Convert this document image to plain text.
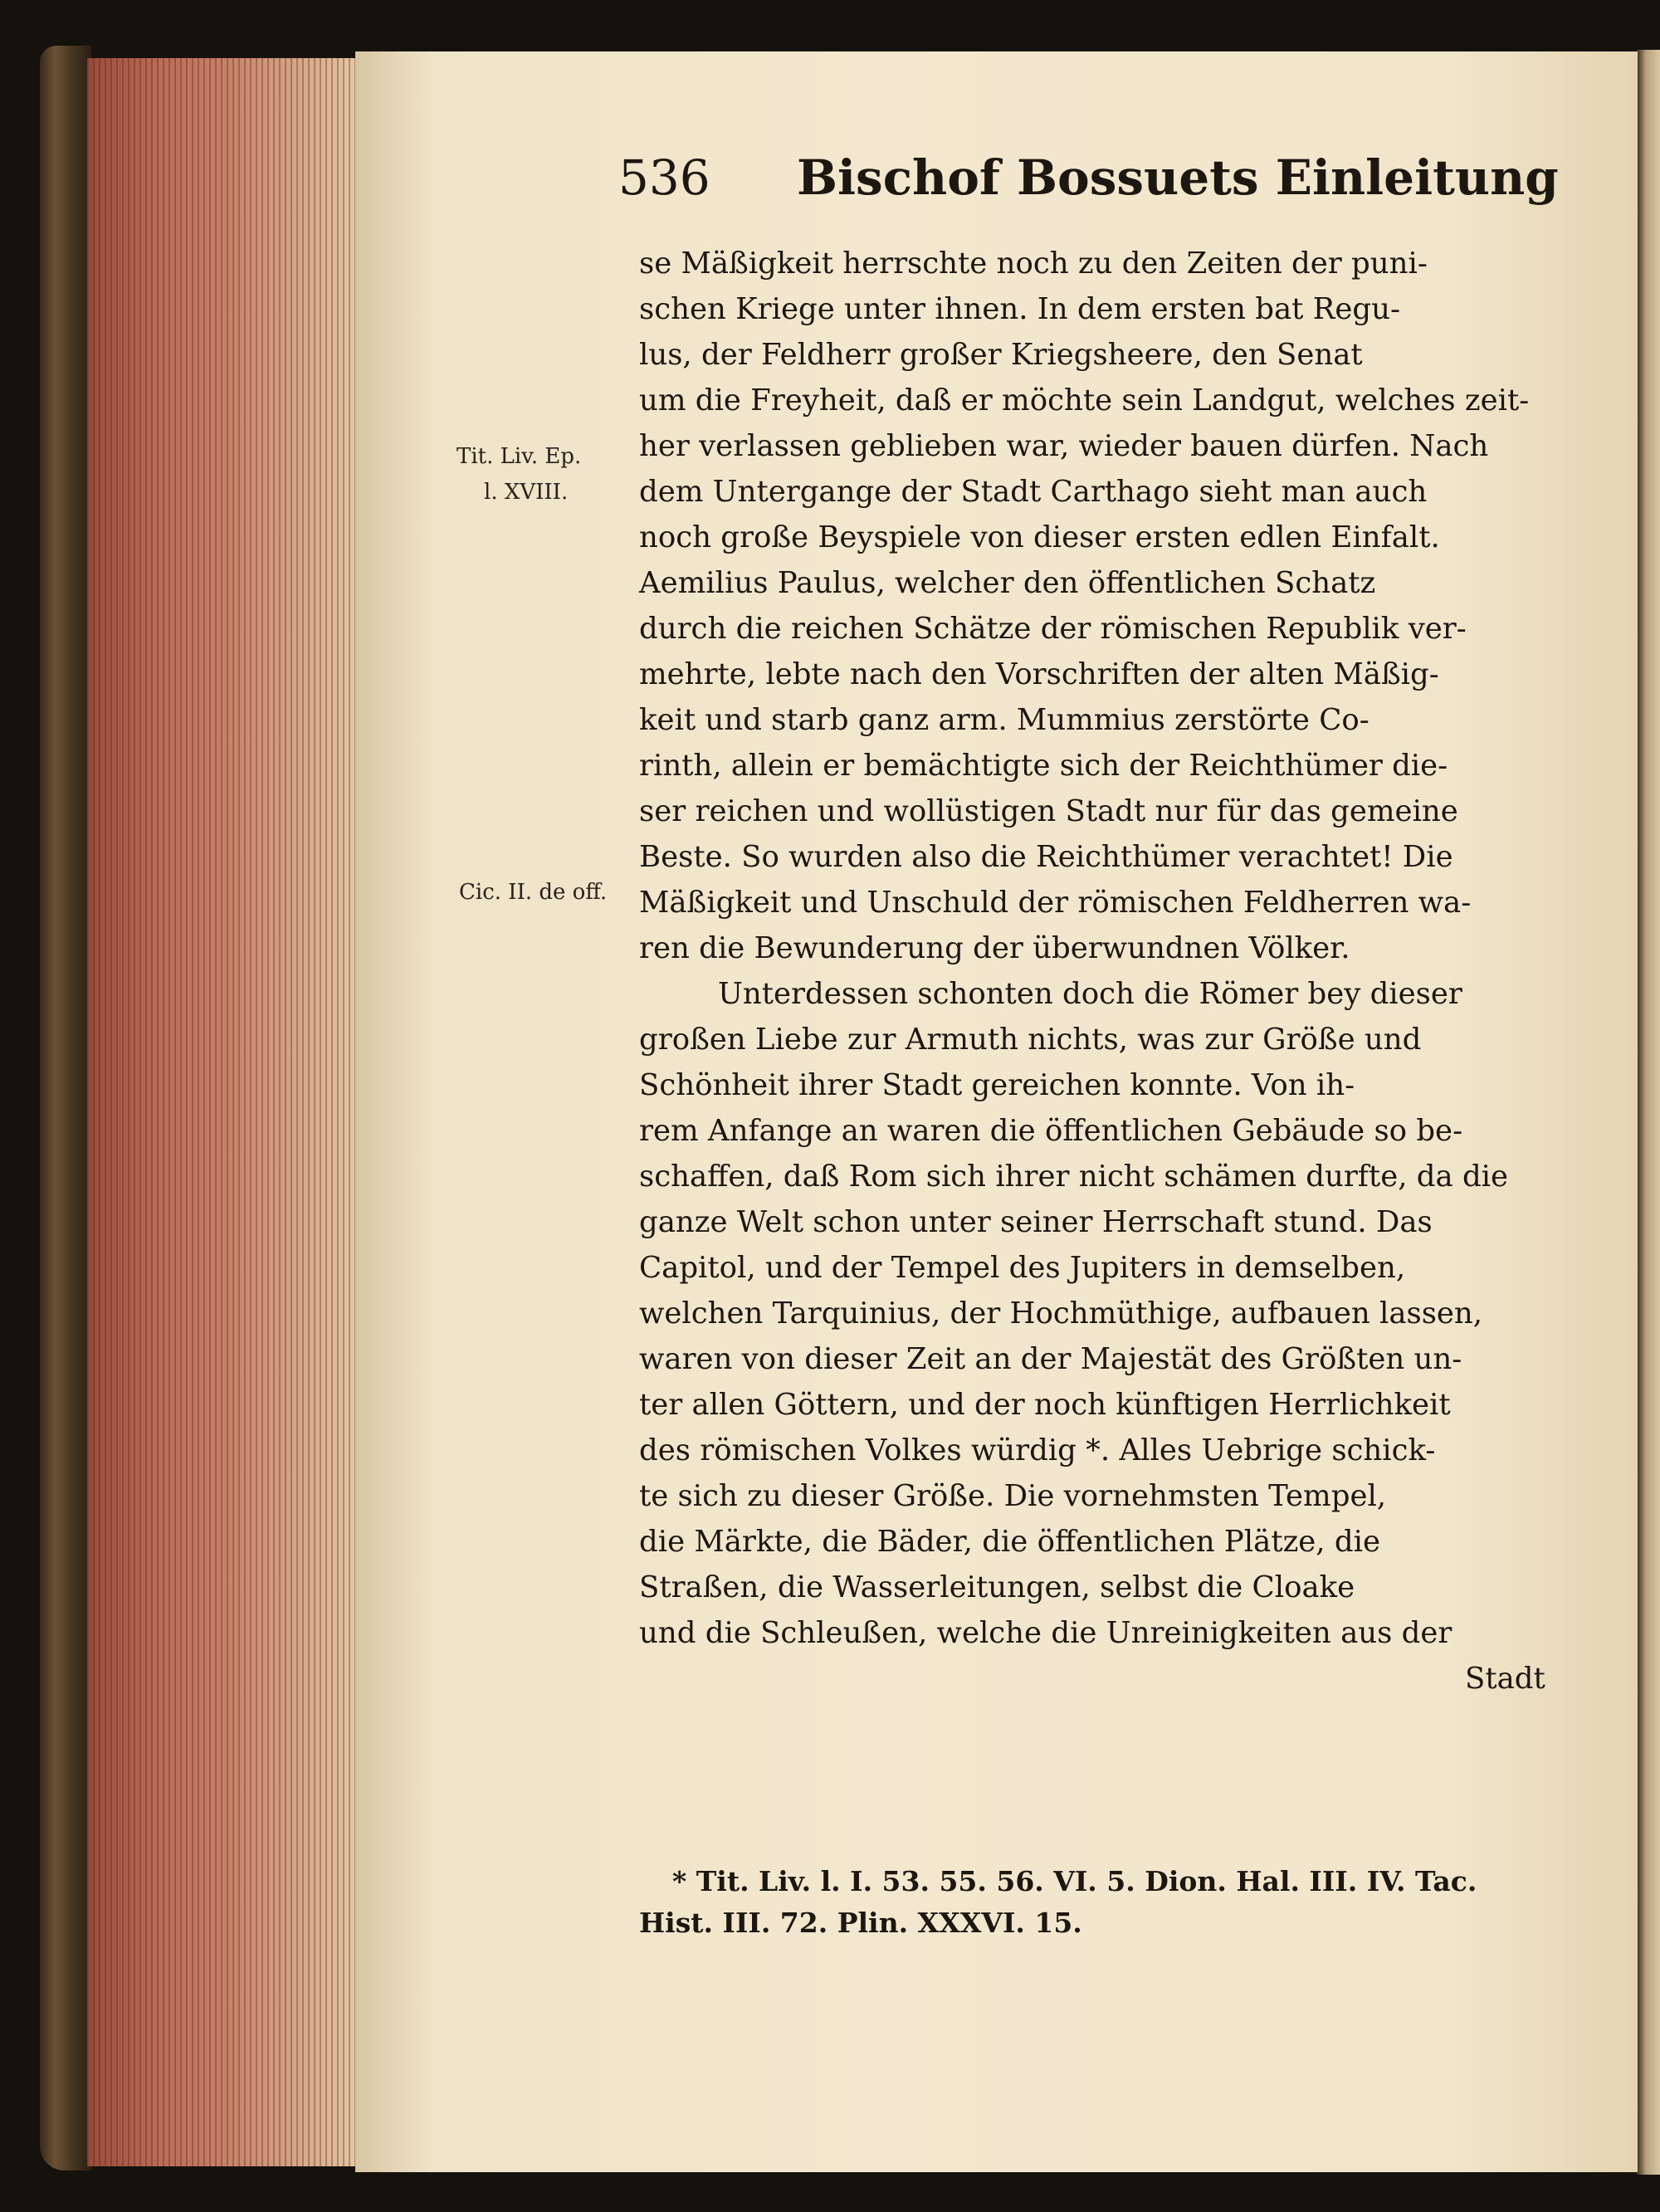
536 Bischof Bossuets Einleitung
Tit. Liv. Ep.
l. XVIII.
Cic. II. de off.

se Mäßigkeit herrschte noch zu den Zeiten der puni-

schen Kriege unter ihnen. In dem ersten bat Regu-

lus, der Feldherr großer Kriegsheere, den Senat

um die Freyheit, daß er möchte sein Landgut, welches zeit-

her verlassen geblieben war, wieder bauen dürfen. Nach

dem Untergange der Stadt Carthago sieht man auch

noch große Beyspiele von dieser ersten edlen Einfalt.

Aemilius Paulus, welcher den öffentlichen Schatz

durch die reichen Schätze der römischen Republik ver-

mehrte, lebte nach den Vorschriften der alten Mäßig-

keit und starb ganz arm. Mummius zerstörte Co-

rinth, allein er bemächtigte sich der Reichthümer die-

ser reichen und wollüstigen Stadt nur für das gemeine

Beste. So wurden also die Reichthümer verachtet! Die

Mäßigkeit und Unschuld der römischen Feldherren wa-

ren die Bewunderung der überwundnen Völker.

Unterdessen schonten doch die Römer bey dieser

großen Liebe zur Armuth nichts, was zur Größe und

Schönheit ihrer Stadt gereichen konnte. Von ih-

rem Anfange an waren die öffentlichen Gebäude so be-

schaffen, daß Rom sich ihrer nicht schämen durfte, da die

ganze Welt schon unter seiner Herrschaft stund. Das

Capitol, und der Tempel des Jupiters in demselben,

welchen Tarquinius, der Hochmüthige, aufbauen lassen,

waren von dieser Zeit an der Majestät des Größten un-

ter allen Göttern, und der noch künftigen Herrlichkeit

des römischen Volkes würdig *. Alles Uebrige schick-

te sich zu dieser Größe. Die vornehmsten Tempel,

die Märkte, die Bäder, die öffentlichen Plätze, die

Straßen, die Wasserleitungen, selbst die Cloake

und die Schleußen, welche die Unreinigkeiten aus der

Stadt

* Tit. Liv. l. I. 53. 55. 56. VI. 5. Dion. Hal. III. IV. Tac.
Hist. III. 72. Plin. XXXVI. 15.
